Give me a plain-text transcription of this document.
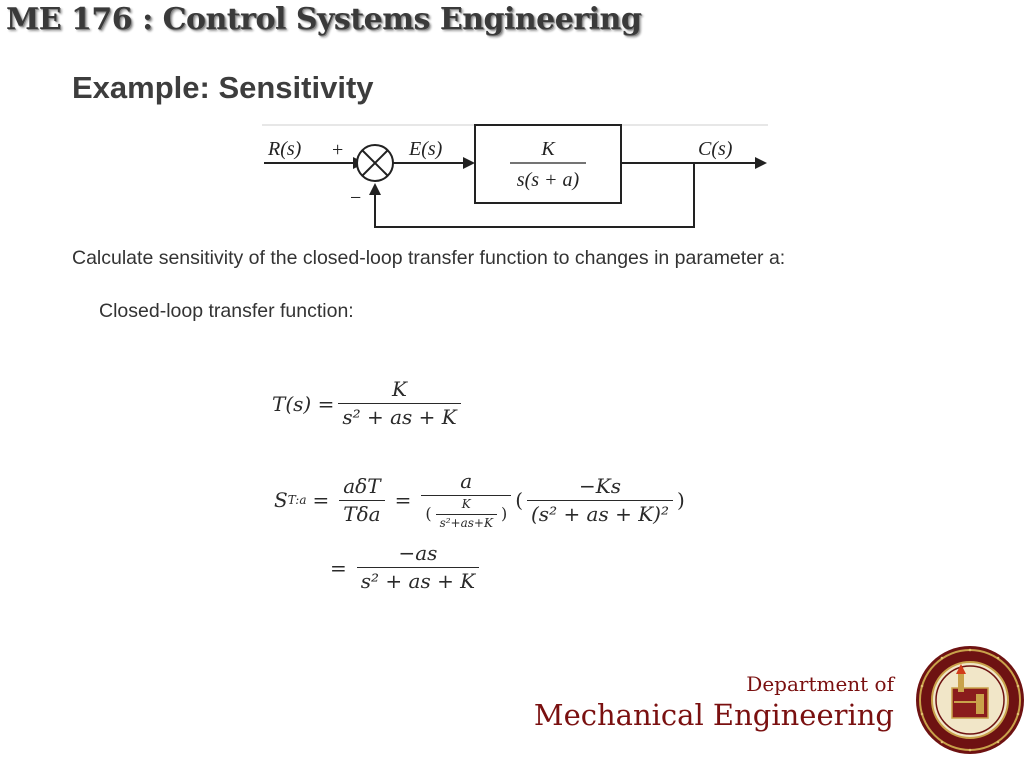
ME 176 : Control Systems Engineering
Example: Sensitivity
R(s) +
−
E(s)	K
s(s + a)
C(s)
Calculate sensitivity of the closed-loop transfer function to changes in parameter a:
Closed-loop transfer function:
$T(s) = \frac{K}{\text{s² + as + K}}$
S T:a = $\frac{\text{aδT}}{\text{Tδa}} = \frac{a}{( \frac{K}{\text{s²+as+K}} )}$ ( $\frac{-Ks}{\text{(s² + as + K)²}}$ )
= $\frac{-as}{\text{s² + as + K}}$
Department of
Mechanical Engineering
